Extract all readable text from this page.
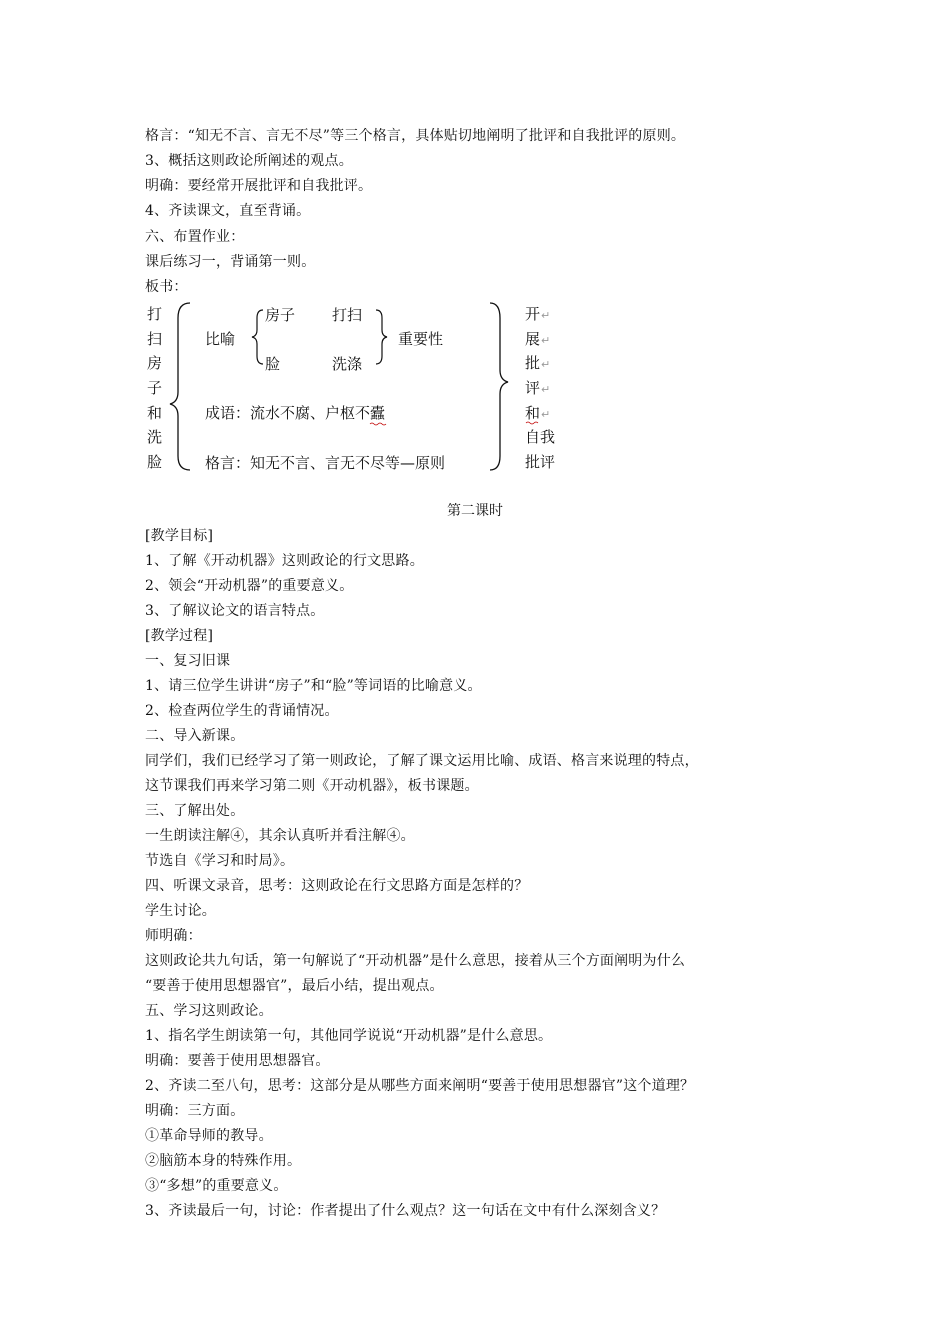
格言：“知无不言、言无不尽”等三个格言，具体贴切地阐明了批评和自我批评的原则。
3、概括这则政论所阐述的观点。
明确：要经常开展批评和自我批评。
4、齐读课文，直至背诵。
六、布置作业：
课后练习一，背诵第一则。
板书：
打
扫
房
子
和
洗
脸
比喻
房子 打扫
脸	洗涤
重要性
成语：流水不腐、户枢不蠹
格言：知无不言、言无不尽等—原则
开↵
展↵
批↵
评↵
和↵
自我
批评
第二课时
[教学目标]
1、了解《开动机器》这则政论的行文思路。
2、领会“开动机器”的重要意义。
3、了解议论文的语言特点。
[教学过程]
一、复习旧课
1、请三位学生讲讲“房子”和“脸”等词语的比喻意义。
2、检查两位学生的背诵情况。
二、导入新课。
同学们，我们已经学习了第一则政论，了解了课文运用比喻、成语、格言来说理的特点，
这节课我们再来学习第二则《开动机器》，板书课题。
三、了解出处。
一生朗读注解④，其余认真听并看注解④。
节选自《学习和时局》。
四、听课文录音，思考：这则政论在行文思路方面是怎样的？
学生讨论。
师明确：
这则政论共九句话，第一句解说了“开动机器”是什么意思，接着从三个方面阐明为什么
“要善于使用思想器官”，最后小结，提出观点。
五、学习这则政论。
1、指名学生朗读第一句，其他同学说说“开动机器”是什么意思。
明确：要善于使用思想器官。
2、齐读二至八句，思考：这部分是从哪些方面来阐明“要善于使用思想器官”这个道理？
明确：三方面。
①革命导师的教导。
②脑筋本身的特殊作用。
③“多想”的重要意义。
3、齐读最后一句，讨论：作者提出了什么观点？这一句话在文中有什么深刻含义？
